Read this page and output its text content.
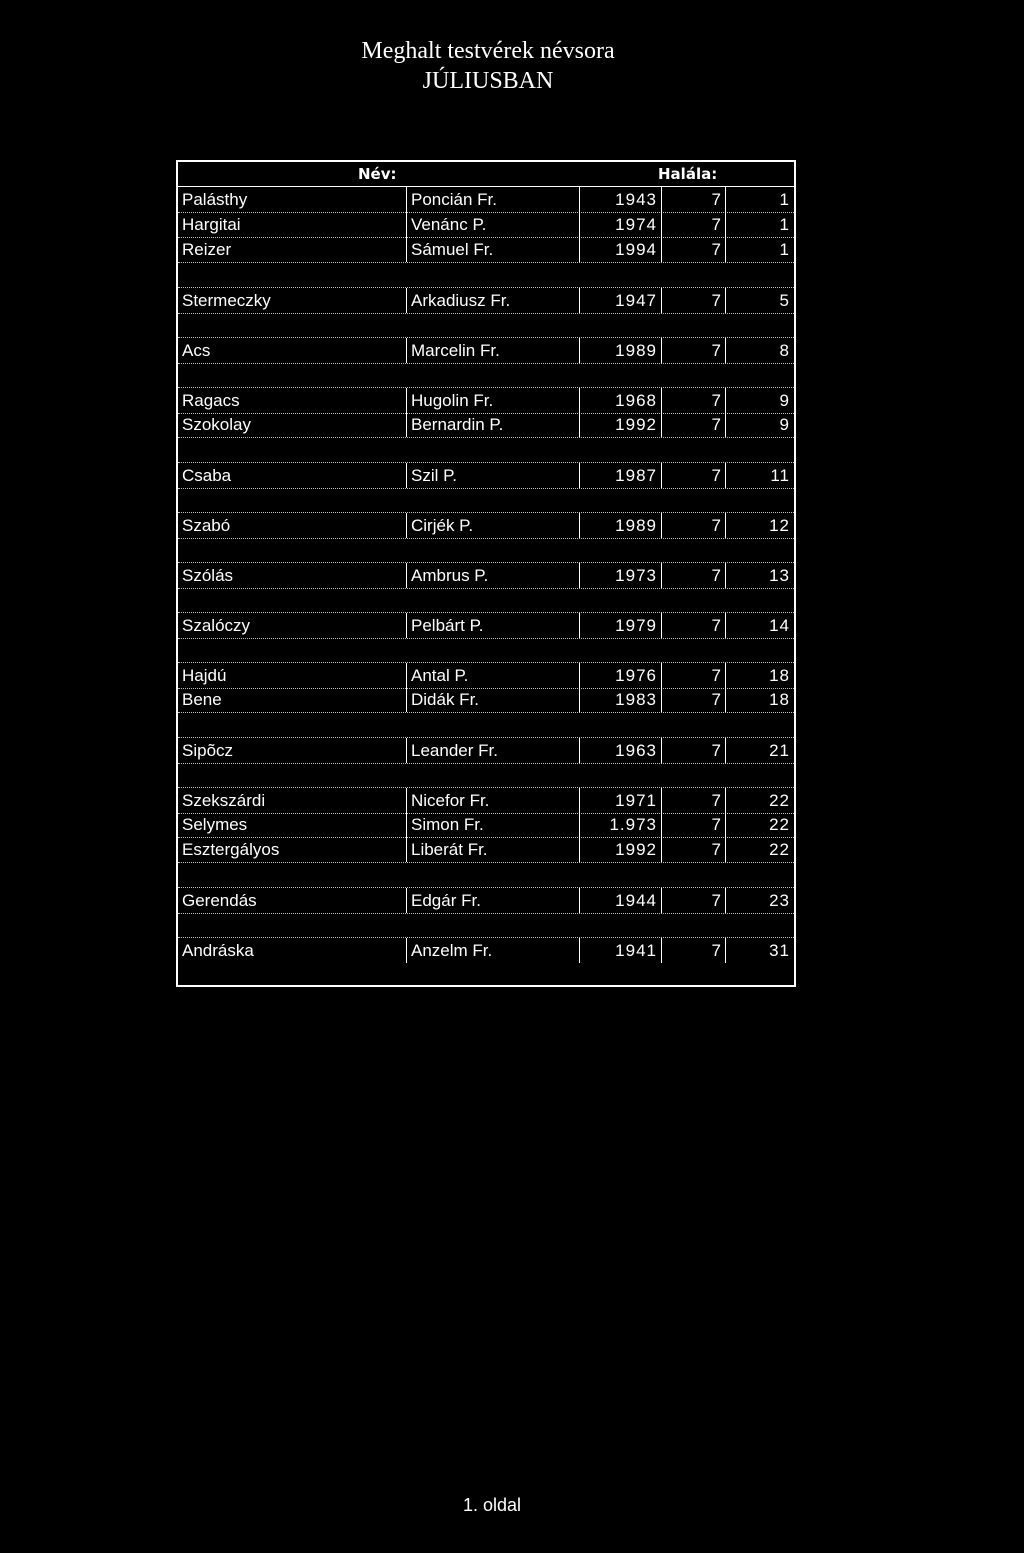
Meghalt testvérek névsora
JÚLIUSBAN
Név:	Halála:
Palásthy	Poncián Fr.	1943	7	1
Hargitai	Venánc P.	1974	7	1
Reizer	Sámuel Fr.	1994	7	1
Stermeczky	Arkadiusz Fr.	1947	7	5
Acs	Marcelin Fr.	1989	7	8
Ragacs	Hugolin Fr.	1968	7	9
Szokolay	Bernardin P.	1992	7	9
Csaba	Szil P.	1987	7	11
Szabó	Cirjék P.	1989	7	12
Szólás	Ambrus P.	1973	7	13
Szalóczy	Pelbárt P.	1979	7	14
Hajdú	Antal P.	1976	7	18
Bene	Didák Fr.	1983	7	18
Sipõcz	Leander Fr.	1963	7	21
Szekszárdi	Nicefor Fr.	1971	7	22
Selymes	Simon Fr.	1.973	7	22
Esztergályos	Liberát Fr.	1992	7	22
Gerendás	Edgár Fr.	1944	7	23
Andráska	Anzelm Fr.	1941	7	31
1. oldal
